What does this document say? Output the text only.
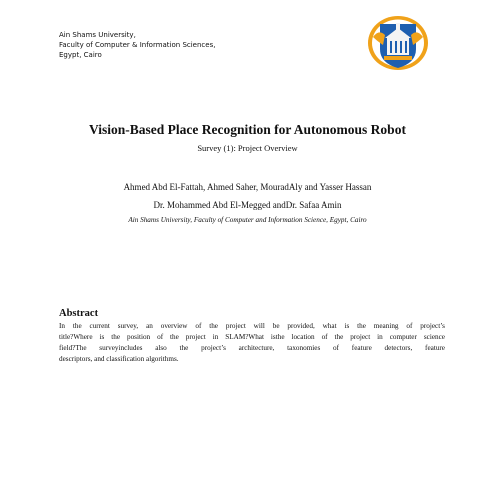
Ain Shams University,
Faculty of Computer & Information Sciences,
Egypt, Cairo
Vision-Based Place Recognition for Autonomous Robot
Survey (1): Project Overview
Ahmed Abd El-Fattah, Ahmed Saher, MouradAly and Yasser Hassan
Dr. Mohammed Abd El-Megged andDr. Safaa Amin
Ain Shams University, Faculty of Computer and Information Science, Egypt, Cairo
Abstract
In the current survey, an overview of the project will be provided, what is the meaning of project’s
title?Where is the position of the project in SLAM?What isthe location of the project in computer science
field?The surveyincludes also the project’s architecture, taxonomies of feature detectors, feature
descriptors, and classification algorithms.
